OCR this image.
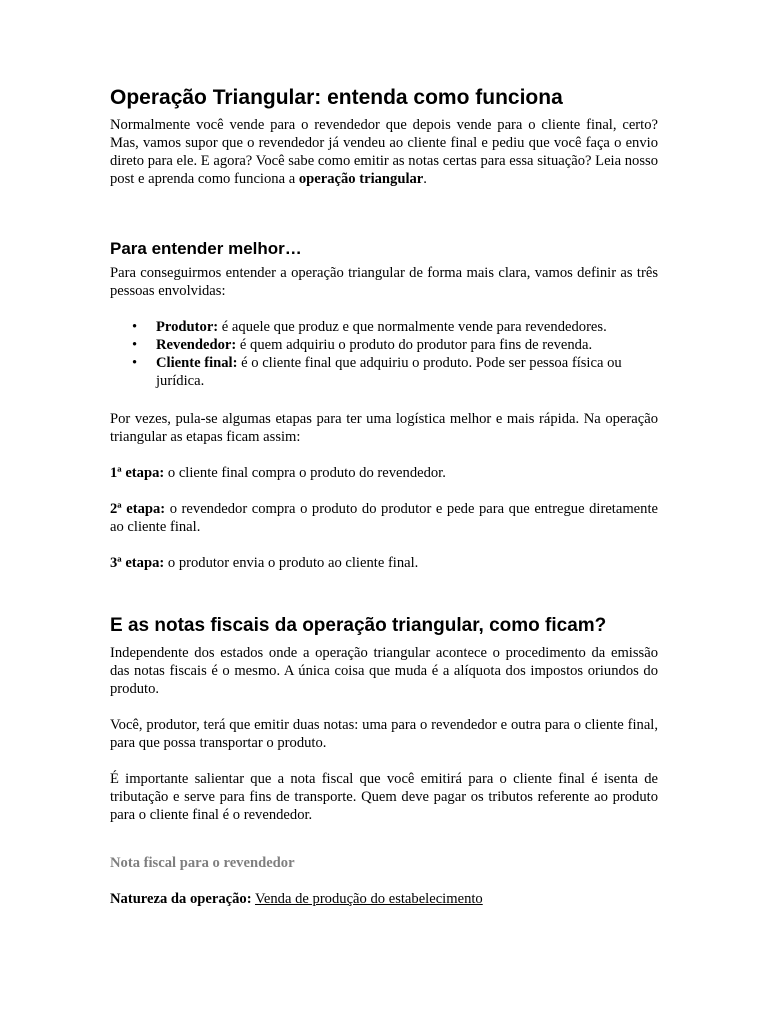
Operação Triangular: entenda como funciona

Normalmente você vende para o revendedor que depois vende para o cliente final, certo? Mas, vamos supor que o revendedor já vendeu ao cliente final e pediu que você faça o envio direto para ele. E agora? Você sabe como emitir as notas certas para essa situação? Leia nosso post e aprenda como funciona a operação triangular.

Para entender melhor…

Para conseguirmos entender a operação triangular de forma mais clara, vamos definir as três pessoas envolvidas:

• Produtor: é aquele que produz e que normalmente vende para revendedores.
• Revendedor: é quem adquiriu o produto do produtor para fins de revenda.
• Cliente final: é o cliente final que adquiriu o produto. Pode ser pessoa física ou jurídica.

Por vezes, pula-se algumas etapas para ter uma logística melhor e mais rápida. Na operação triangular as etapas ficam assim:

1ª etapa: o cliente final compra o produto do revendedor.

2ª etapa: o revendedor compra o produto do produtor e pede para que entregue diretamente ao cliente final.

3ª etapa: o produtor envia o produto ao cliente final.

E as notas fiscais da operação triangular, como ficam?

Independente dos estados onde a operação triangular acontece o procedimento da emissão das notas fiscais é o mesmo. A única coisa que muda é a alíquota dos impostos oriundos do produto.

Você, produtor, terá que emitir duas notas: uma para o revendedor e outra para o cliente final, para que possa transportar o produto.

É importante salientar que a nota fiscal que você emitirá para o cliente final é isenta de tributação e serve para fins de transporte. Quem deve pagar os tributos referente ao produto para o cliente final é o revendedor.

Nota fiscal para o revendedor

Natureza da operação: Venda de produção do estabelecimento
